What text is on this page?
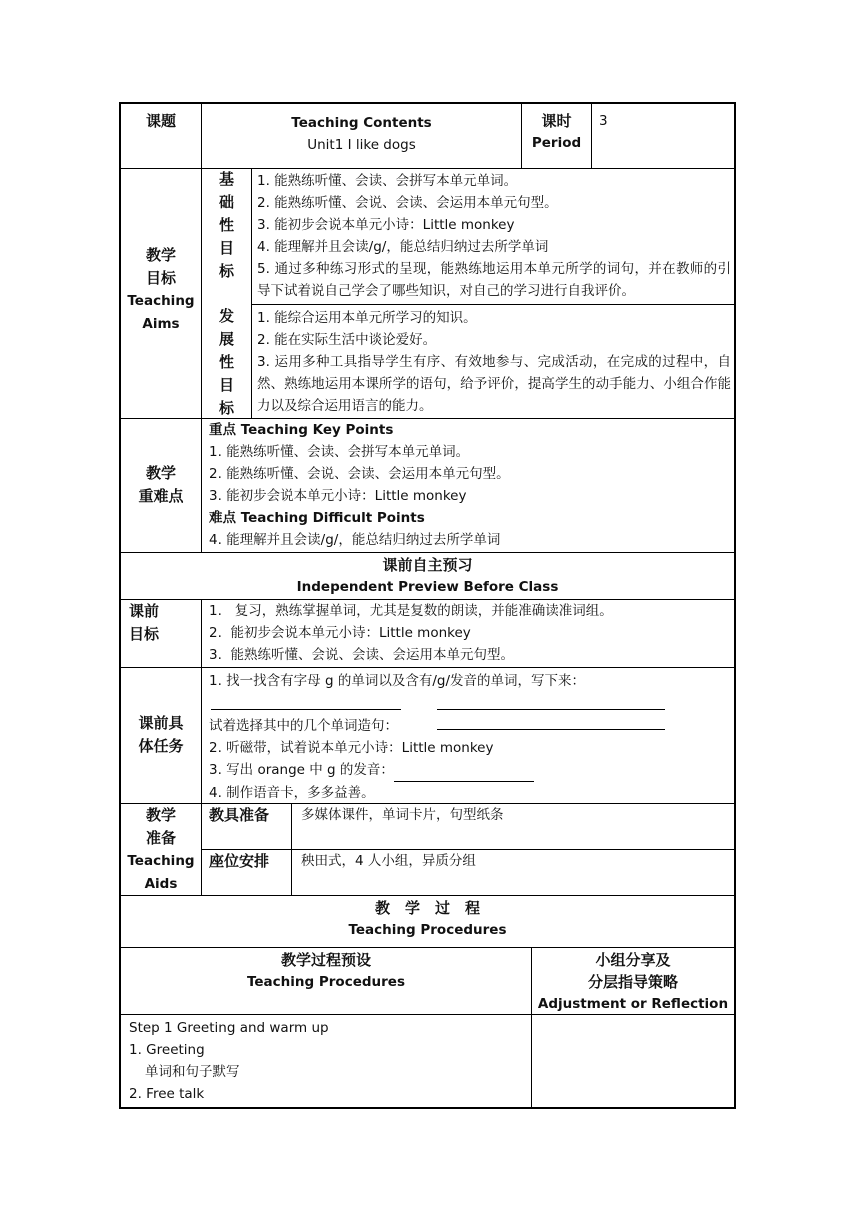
课题	Teaching Contents
Unit1 I like dogs
课时
Period
3
教学
目标
Teaching
Aims
基
础
性
目
标
1. 能熟练听懂、会读、会拼写本单元单词。
2. 能熟练听懂、会说、会读、会运用本单元句型。
3. 能初步会说本单元小诗：Little monkey
4. 能理解并且会读/g/，能总结归纳过去所学单词
5. 通过多种练习形式的呈现，能熟练地运用本单元所学的词句，并在教师的引导下试着说自己学会了哪些知识，对自己的学习进行自我评价。
发
展
性
目
标
1. 能综合运用本单元所学习的知识。
2. 能在实际生活中谈论爱好。
3. 运用多种工具指导学生有序、有效地参与、完成活动，在完成的过程中，自然、熟练地运用本课所学的语句，给予评价，提高学生的动手能力、小组合作能力以及综合运用语言的能力。
教学
重难点
重点 Teaching Key Points
1. 能熟练听懂、会读、会拼写本单元单词。
2. 能熟练听懂、会说、会读、会运用本单元句型。
3. 能初步会说本单元小诗：Little monkey
难点 Teaching Difficult Points
4. 能理解并且会读/g/，能总结归纳过去所学单词
课前自主预习
Independent Preview Before Class
课前
目标
1.   复习，熟练掌握单词，尤其是复数的朗读，并能准确读准词组。
2.  能初步会说本单元小诗：Little monkey
3.  能熟练听懂、会说、会读、会运用本单元句型。
课前具
体任务
1. 找一找含有字母 g 的单词以及含有/g/发音的单词，写下来：
试着选择其中的几个单词造句：
2. 听磁带，试着说本单元小诗：Little monkey
3. 写出 orange 中 g 的发音：
4. 制作语音卡，多多益善。
教学
准备
Teaching
Aids
教具准备 多媒体课件，单词卡片，句型纸条
座位安排 秧田式，4 人小组，异质分组
教　学　过　程
Teaching Procedures
教学过程预设
Teaching Procedures
小组分享及
分层指导策略
Adjustment or Reflection
Step 1 Greeting and warm up
1. Greeting
单词和句子默写
2. Free talk
